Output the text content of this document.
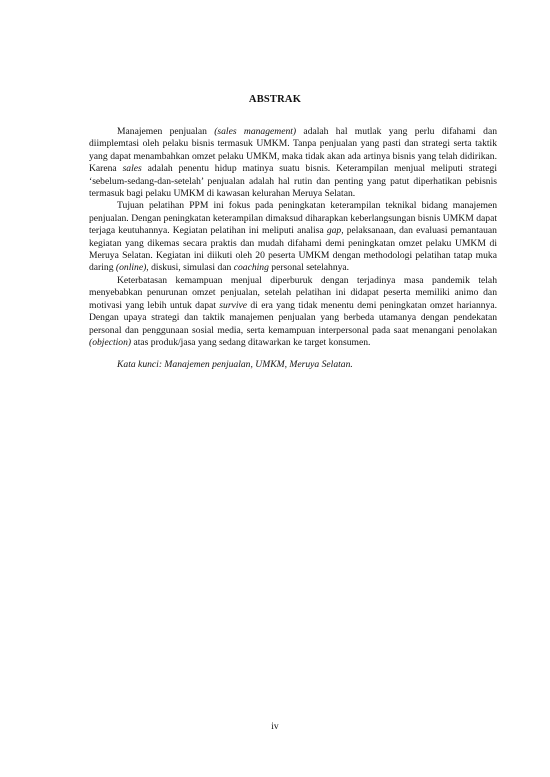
ABSTRAK

Manajemen penjualan (sales management) adalah hal mutlak yang perlu difahami dan diimplemtasi oleh pelaku bisnis termasuk UMKM. Tanpa penjualan yang pasti dan strategi serta taktik yang dapat menambahkan omzet pelaku UMKM, maka tidak akan ada artinya bisnis yang telah didirikan. Karena sales adalah penentu hidup matinya suatu bisnis. Keterampilan menjual meliputi strategi ‘sebelum-sedang-dan-setelah’ penjualan adalah hal rutin dan penting yang patut diperhatikan pebisnis termasuk bagi pelaku UMKM di kawasan kelurahan Meruya Selatan.

Tujuan pelatihan PPM ini fokus pada peningkatan keterampilan teknikal bidang manajemen penjualan. Dengan peningkatan keterampilan dimaksud diharapkan keberlangsungan bisnis UMKM dapat terjaga keutuhannya. Kegiatan pelatihan ini meliputi analisa gap, pelaksanaan, dan evaluasi pemantauan kegiatan yang dikemas secara praktis dan mudah difahami demi peningkatan omzet pelaku UMKM di Meruya Selatan. Kegiatan ini diikuti oleh 20 peserta UMKM dengan methodologi pelatihan tatap muka daring (online), diskusi, simulasi dan coaching personal setelahnya.

Keterbatasan kemampuan menjual diperburuk dengan terjadinya masa pandemik telah menyebabkan penurunan omzet penjualan, setelah pelatihan ini didapat peserta memiliki animo dan motivasi yang lebih untuk dapat survive di era yang tidak menentu demi peningkatan omzet hariannya. Dengan upaya strategi dan taktik manajemen penjualan yang berbeda utamanya dengan pendekatan personal dan penggunaan sosial media, serta kemampuan interpersonal pada saat menangani penolakan (objection) atas produk/jasa yang sedang ditawarkan ke target konsumen.

Kata kunci: Manajemen penjualan, UMKM, Meruya Selatan.

iv
